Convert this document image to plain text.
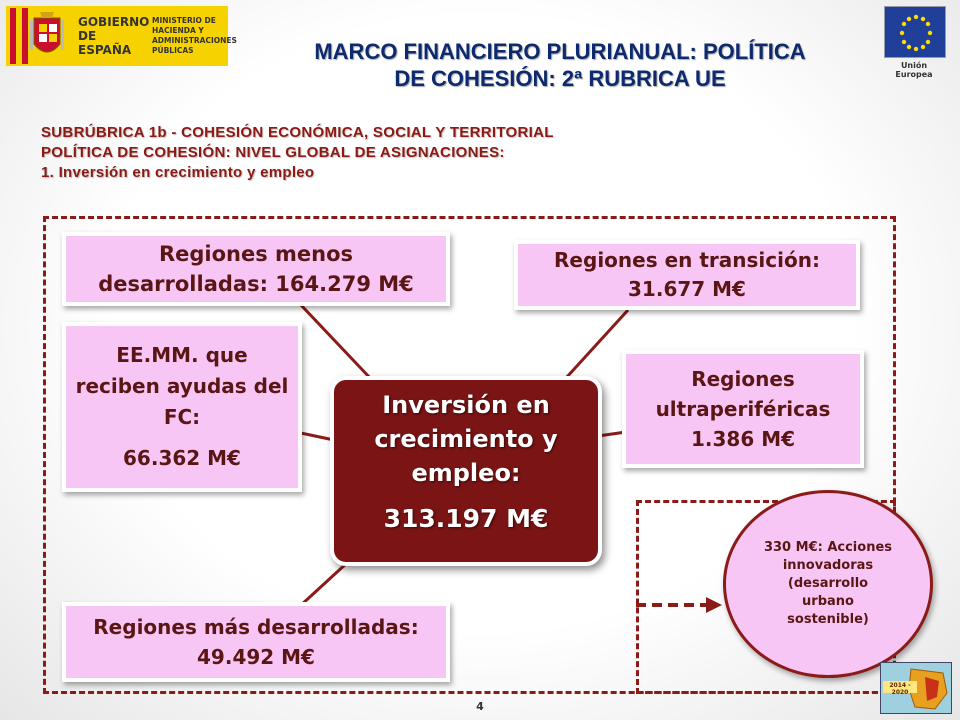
GOBIERNO DE ESPAÑA
MINISTERIO DE HACIENDA Y ADMINISTRACIONES PÚBLICAS
Unión Europea
MARCO FINANCIERO PLURIANUAL: POLÍTICA
DE COHESIÓN: 2ª RUBRICA UE
SUBRÚBRICA 1b - COHESIÓN ECONÓMICA, SOCIAL Y TERRITORIAL
POLÍTICA DE COHESIÓN: NIVEL GLOBAL DE ASIGNACIONES:
1. Inversión en crecimiento y empleo
Regiones menos desarrolladas: 164.279 M€
Regiones en transición: 31.677 M€
EE.MM. que reciben ayudas del FC:
66.362 M€
Regiones ultraperiféricas 1.386 M€
Regiones más desarrolladas: 49.492 M€
Inversión en crecimiento y empleo:
313.197 M€
330 M€: Acciones innovadoras (desarrollo urbano sostenible)
4
2014 - 2020
